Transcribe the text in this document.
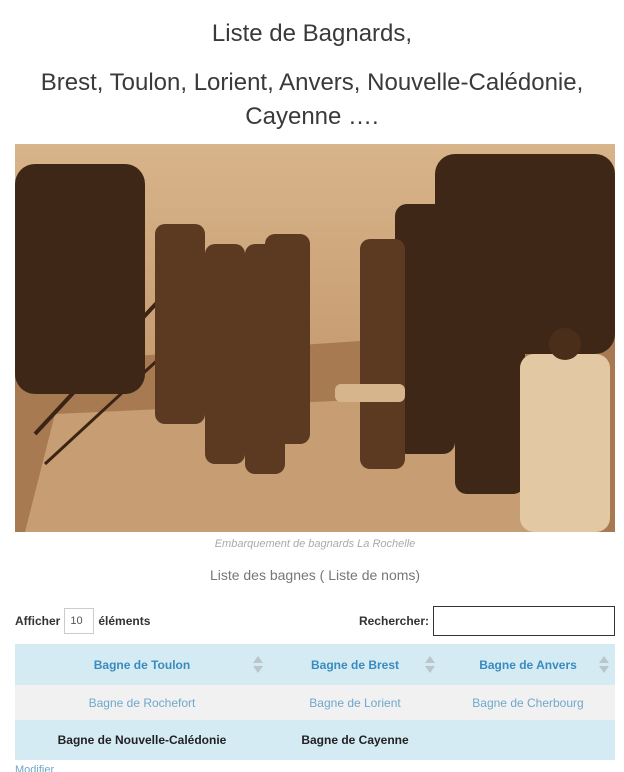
Liste de Bagnards,
Brest, Toulon, Lorient, Anvers, Nouvelle-Calédonie, Cayenne ….
Embarquement de bagnards La Rochelle
Liste des bagnes ( Liste de noms)
Afficher 10	éléments	Rechercher:
Bagne de Toulon	Bagne de Brest	Bagne de Anvers

Bagne de Rochefort	Bagne de Lorient	Bagne de Cherbourg
Bagne de Nouvelle-Calédonie	Bagne de Cayenne	
Modifier
